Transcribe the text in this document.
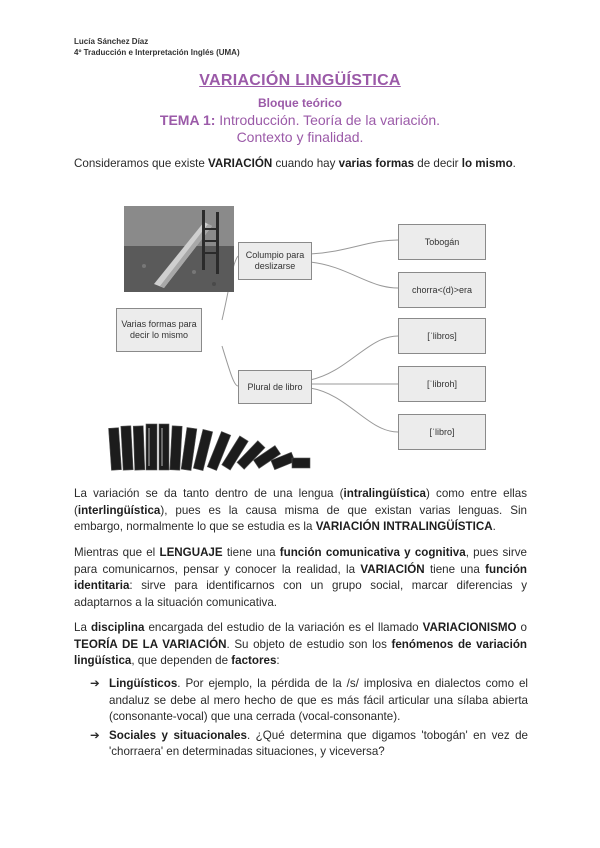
Lucía Sánchez Díaz
4º Traducción e Interpretación Inglés (UMA)
VARIACIÓN LINGÜÍSTICA
Bloque teórico
TEMA 1: Introducción. Teoría de la variación.
Contexto y finalidad.

Consideramos que existe VARIACIÓN cuando hay varias formas de decir lo mismo.

Varias formas para decir lo mismo
Columpio para deslizarse
Plural de libro
Tobogán
chorra<(d)>era
[ˈlibros]
[ˈlibroh]
[ˈlibro]

La variación se da tanto dentro de una lengua (intralingüística) como entre ellas (interlingüística), pues es la causa misma de que existan varias lenguas. Sin embargo, normalmente lo que se estudia es la VARIACIÓN INTRALINGÜÍSTICA.

Mientras que el LENGUAJE tiene una función comunicativa y cognitiva, pues sirve para comunicarnos, pensar y conocer la realidad, la VARIACIÓN tiene una función identitaria: sirve para identificarnos con un grupo social, marcar diferencias y adaptarnos a la situación comunicativa.

La disciplina encargada del estudio de la variación es el llamado VARIACIONISMO o TEORÍA DE LA VARIACIÓN. Su objeto de estudio son los fenómenos de variación lingüística, que dependen de factores:

➔ Lingüísticos. Por ejemplo, la pérdida de la /s/ implosiva en dialectos como el andaluz se debe al mero hecho de que es más fácil articular una sílaba abierta (consonante-vocal) que una cerrada (vocal-consonante).
➔ Sociales y situacionales. ¿Qué determina que digamos 'tobogán' en vez de 'chorraera' en determinadas situaciones, y viceversa?
